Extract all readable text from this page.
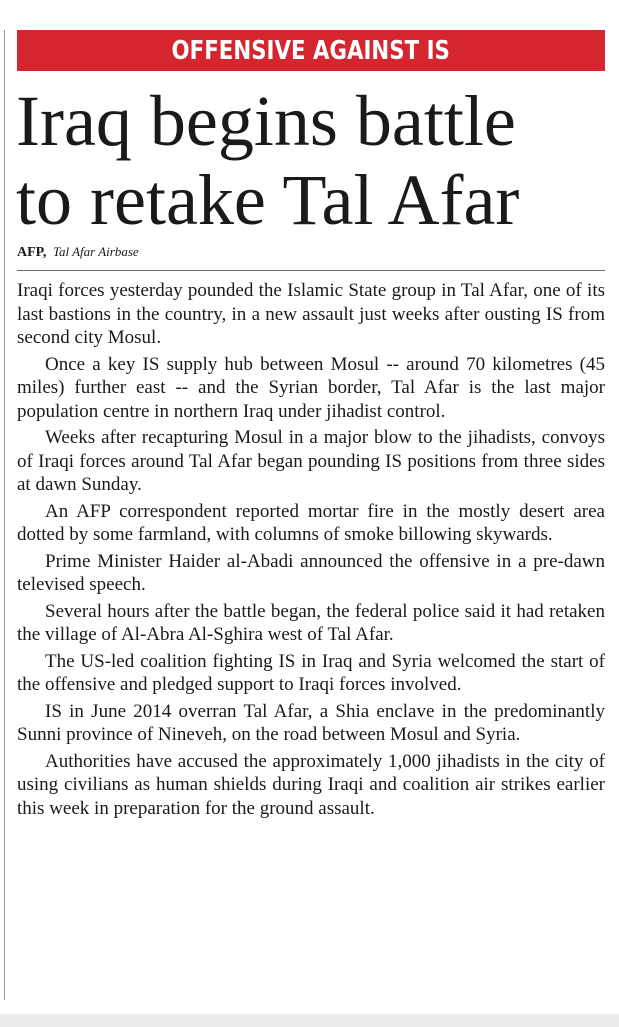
OFFENSIVE AGAINST IS
Iraq begins battle
to retake Tal Afar
AFP, Tal Afar Airbase

Iraqi forces yesterday pounded the Islamic State group in Tal Afar, one of its last bastions in the country, in a new assault just weeks after ousting IS from second city Mosul.

Once a key IS supply hub between Mosul -- around 70 kilometres (45 miles) further east -- and the Syrian border, Tal Afar is the last major population centre in northern Iraq under jihadist control.

Weeks after recapturing Mosul in a major blow to the jihadists, convoys of Iraqi forces around Tal Afar began pounding IS positions from three sides at dawn Sunday.

An AFP correspondent reported mortar fire in the mostly desert area dotted by some farmland, with columns of smoke billowing skywards.

Prime Minister Haider al-Abadi announced the offensive in a pre-dawn televised speech.

Several hours after the battle began, the federal police said it had retaken the village of Al-Abra Al-Sghira west of Tal Afar.

The US-led coalition fighting IS in Iraq and Syria welcomed the start of the offensive and pledged support to Iraqi forces involved.

IS in June 2014 overran Tal Afar, a Shia enclave in the predominantly Sunni province of Nineveh, on the road between Mosul and Syria.

Authorities have accused the approximately 1,000 jihadists in the city of using civilians as human shields during Iraqi and coalition air strikes earlier this week in preparation for the ground assault.
